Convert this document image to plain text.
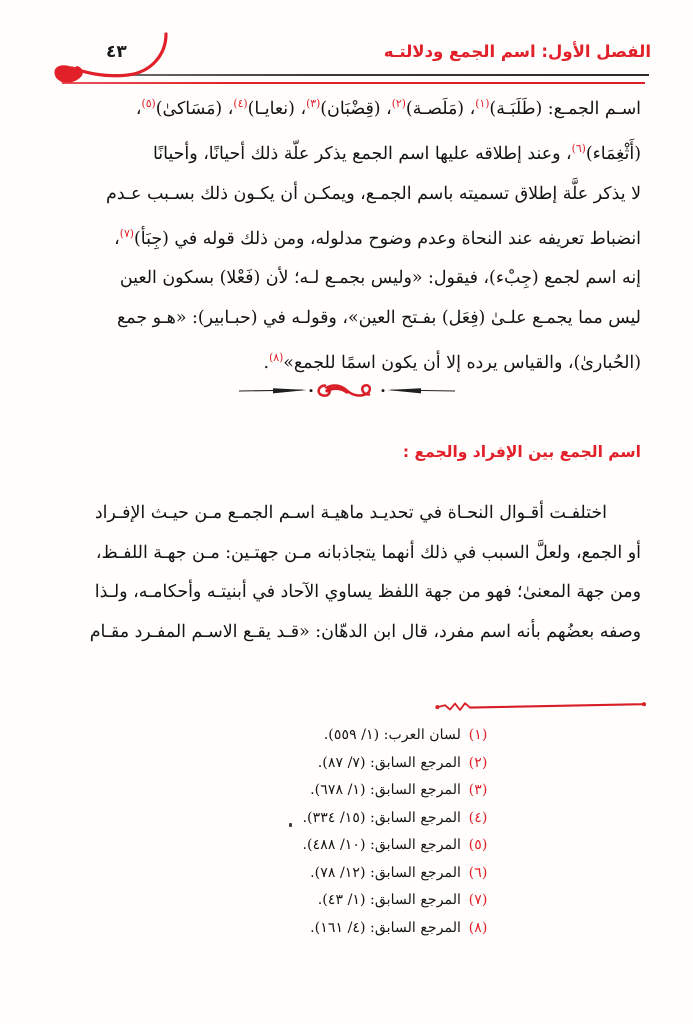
الفصل الأول: اسم الجمع ودلالتـه
٤٣
اسـم الجمـع: (طَلَبَـة)$^{(١)}$، (مَلَصـة)$^{(٢)}$، (قِضْبَان)$^{(٣)}$، (نعايـا)$^{(٤)}$، (مَسَاكىٰ)$^{(٥)}$،
(أَثْغِمَاء)$^{(٦)}$، وعند إطلاقه عليها اسم الجمع يذكر علّة ذلك أحيانًا، وأحيانًا
لا يذكر علَّة إطلاق تسميته باسم الجمـع، ويمكـن أن يكـون ذلك بسـبب عـدم
انضباط تعريفه عند النحاة وعدم وضوح مدلوله، ومن ذلك قوله في (جِبَأ)$^{(٧)}$،
إنه اسم لجمع (جِبْء)، فيقول: «وليس بجمـع لـه؛ لأن (فَعْلا) بسكون العين
ليس مما يجمـع علـىٰ (فِعَل) بفـتح العين»، وقولـه في (حبـابير): «هـو جمع
(الحُبارىٰ)، والقياس يرده إلا أن يكون اسمًا للجمع»$^{(٨)}$.
اسم الجمع بين الإفراد والجمع :
اختلفـت أقـوال النحـاة في تحديـد ماهيـة اسـم الجمـع مـن حيـث الإفـراد
أو الجمع، ولعلَّ السبب في ذلك أنهما يتجاذبانه مـن جهتـين: مـن جهـة اللفـظ،
ومن جهة المعنىٰ؛ فهو من جهة اللفظ يساوي الآحاد في أبنيتـه وأحكامـه، ولـذا
وصفه بعضُهم بأنه اسم مفرد، قال ابن الدهّان: «قـد يقـع الاسـم المفـرد مقـام
(١)لسان العرب: (١/ ٥٥٩).
(٢)المرجع السابق: (٧/ ٨٧).
(٣)المرجع السابق: (١/ ٦٧٨).
(٤)المرجع السابق: (١٥/ ٣٣٤).
(٥)المرجع السابق: (١٠/ ٤٨٨).
(٦)المرجع السابق: (١٢/ ٧٨).
(٧)المرجع السابق: (١/ ٤٣).
(٨)المرجع السابق: (٤/ ١٦١).
